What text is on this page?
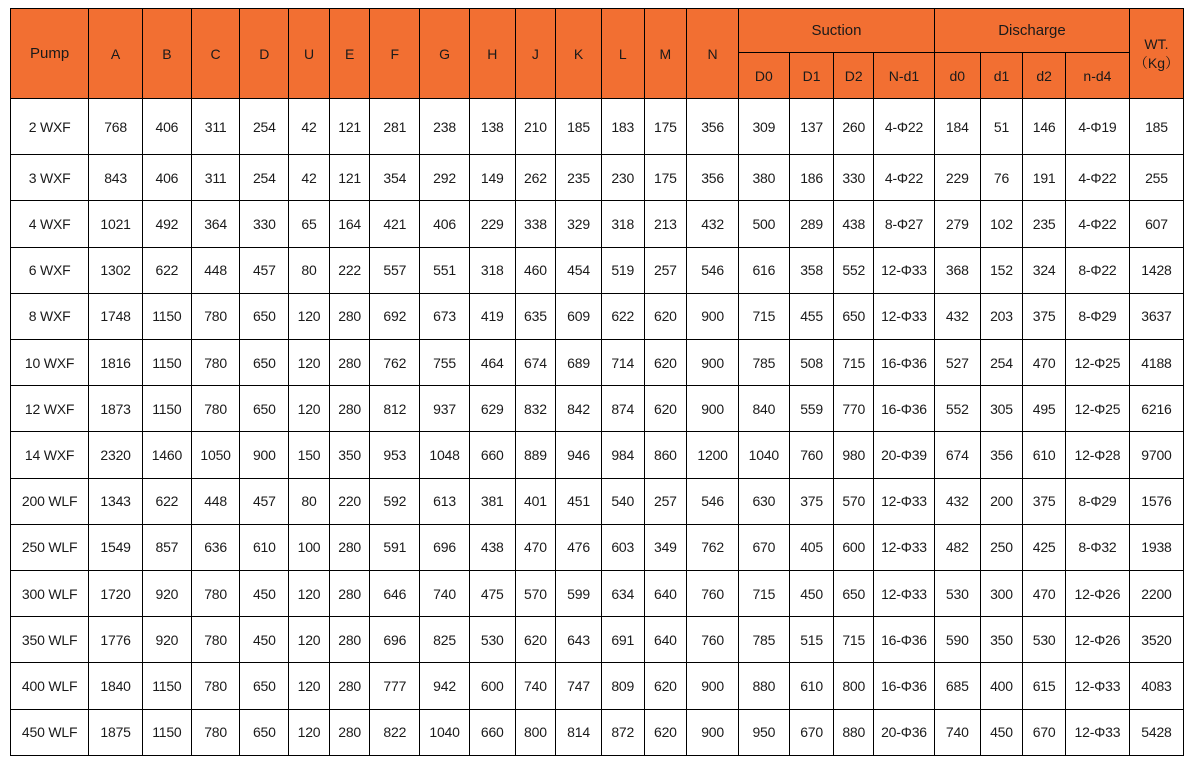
Pump	A	B	C	D	U	E	F	G	H	J	K	L	M	N	Suction				Discharge				WT.
（Kg）
															D0	D1	D2	N-d1	d0	d1	d2	n-d4	
2 WXF	768	406	311	254	42	121	281	238	138	210	185	183	175	356	309	137	260	4-Φ22	184	51	146	4-Φ19	185
3 WXF	843	406	311	254	42	121	354	292	149	262	235	230	175	356	380	186	330	4-Φ22	229	76	191	4-Φ22	255
4 WXF	1021	492	364	330	65	164	421	406	229	338	329	318	213	432	500	289	438	8-Φ27	279	102	235	4-Φ22	607
6 WXF	1302	622	448	457	80	222	557	551	318	460	454	519	257	546	616	358	552	12-Φ33	368	152	324	8-Φ22	1428
8 WXF	1748	1150	780	650	120	280	692	673	419	635	609	622	620	900	715	455	650	12-Φ33	432	203	375	8-Φ29	3637
10 WXF	1816	1150	780	650	120	280	762	755	464	674	689	714	620	900	785	508	715	16-Φ36	527	254	470	12-Φ25	4188
12 WXF	1873	1150	780	650	120	280	812	937	629	832	842	874	620	900	840	559	770	16-Φ36	552	305	495	12-Φ25	6216
14 WXF	2320	1460	1050	900	150	350	953	1048	660	889	946	984	860	1200	1040	760	980	20-Φ39	674	356	610	12-Φ28	9700
200 WLF	1343	622	448	457	80	220	592	613	381	401	451	540	257	546	630	375	570	12-Φ33	432	200	375	8-Φ29	1576
250 WLF	1549	857	636	610	100	280	591	696	438	470	476	603	349	762	670	405	600	12-Φ33	482	250	425	8-Φ32	1938
300 WLF	1720	920	780	450	120	280	646	740	475	570	599	634	640	760	715	450	650	12-Φ33	530	300	470	12-Φ26	2200
350 WLF	1776	920	780	450	120	280	696	825	530	620	643	691	640	760	785	515	715	16-Φ36	590	350	530	12-Φ26	3520
400 WLF	1840	1150	780	650	120	280	777	942	600	740	747	809	620	900	880	610	800	16-Φ36	685	400	615	12-Φ33	4083
450 WLF	1875	1150	780	650	120	280	822	1040	660	800	814	872	620	900	950	670	880	20-Φ36	740	450	670	12-Φ33	5428
